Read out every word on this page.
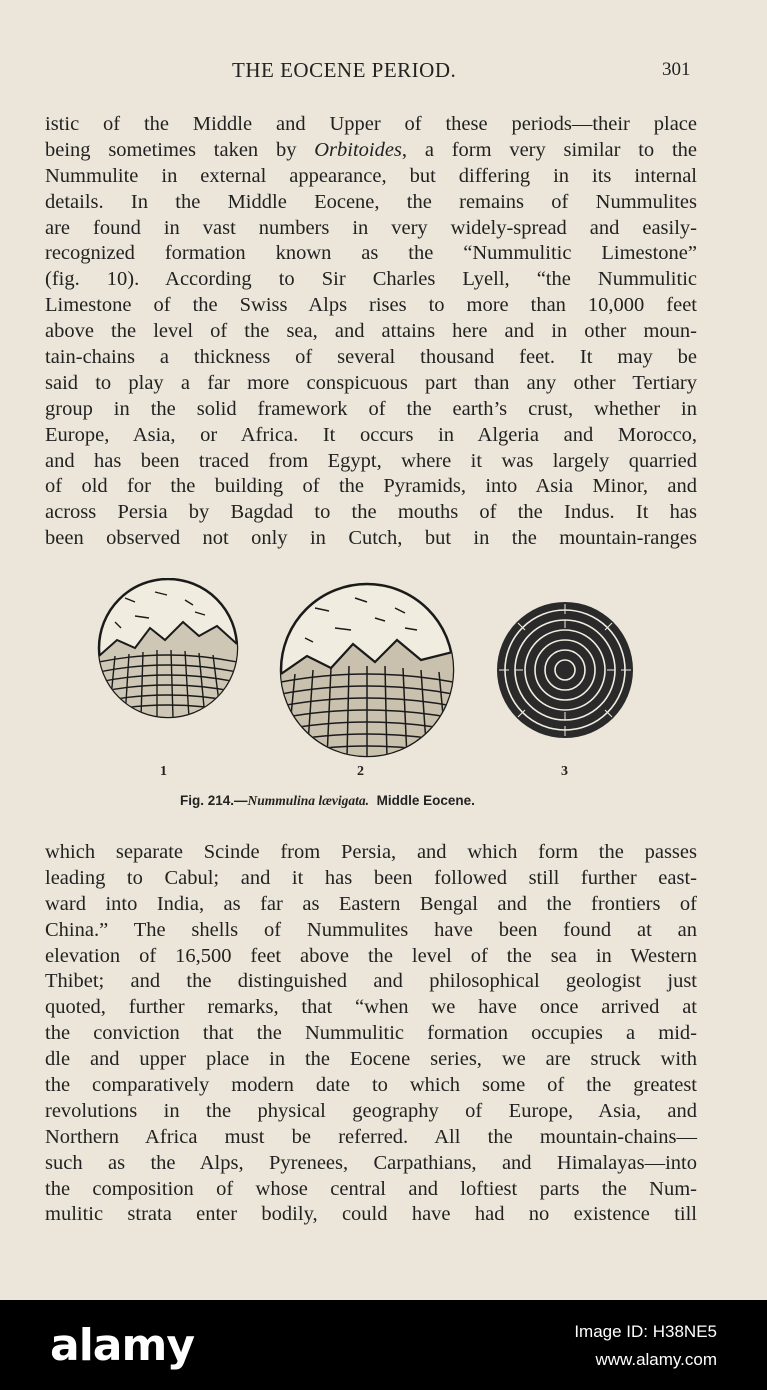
THE EOCENE PERIOD.	301

istic of the Middle and Upper of these periods—their place
being sometimes taken by Orbitoides, a form very similar to the
Nummulite in external appearance, but differing in its internal
details. In the Middle Eocene, the remains of Nummulites
are found in vast numbers in very widely-spread and easily-
recognized formation known as the “Nummulitic Limestone”
(fig. 10). According to Sir Charles Lyell, “the Nummulitic
Limestone of the Swiss Alps rises to more than 10,000 feet
above the level of the sea, and attains here and in other moun-
tain-chains a thickness of several thousand feet. It may be
said to play a far more conspicuous part than any other Tertiary
group in the solid framework of the earth’s crust, whether in
Europe, Asia, or Africa. It occurs in Algeria and Morocco,
and has been traced from Egypt, where it was largely quarried
of old for the building of the Pyramids, into Asia Minor, and
across Persia by Bagdad to the mouths of the Indus. It has
been observed not only in Cutch, but in the mountain-ranges

1	2	3
Fig. 214.—Nummulina lævigata. Middle Eocene.

which separate Scinde from Persia, and which form the passes
leading to Cabul; and it has been followed still further east-
ward into India, as far as Eastern Bengal and the frontiers of
China.” The shells of Nummulites have been found at an
elevation of 16,500 feet above the level of the sea in Western
Thibet; and the distinguished and philosophical geologist just
quoted, further remarks, that “when we have once arrived at
the conviction that the Nummulitic formation occupies a mid-
dle and upper place in the Eocene series, we are struck with
the comparatively modern date to which some of the greatest
revolutions in the physical geography of Europe, Asia, and
Northern Africa must be referred. All the mountain-chains—
such as the Alps, Pyrenees, Carpathians, and Himalayas—into
the composition of whose central and loftiest parts the Num-
mulitic strata enter bodily, could have had no existence till

alamy	Image ID: H38NE5
www.alamy.com
